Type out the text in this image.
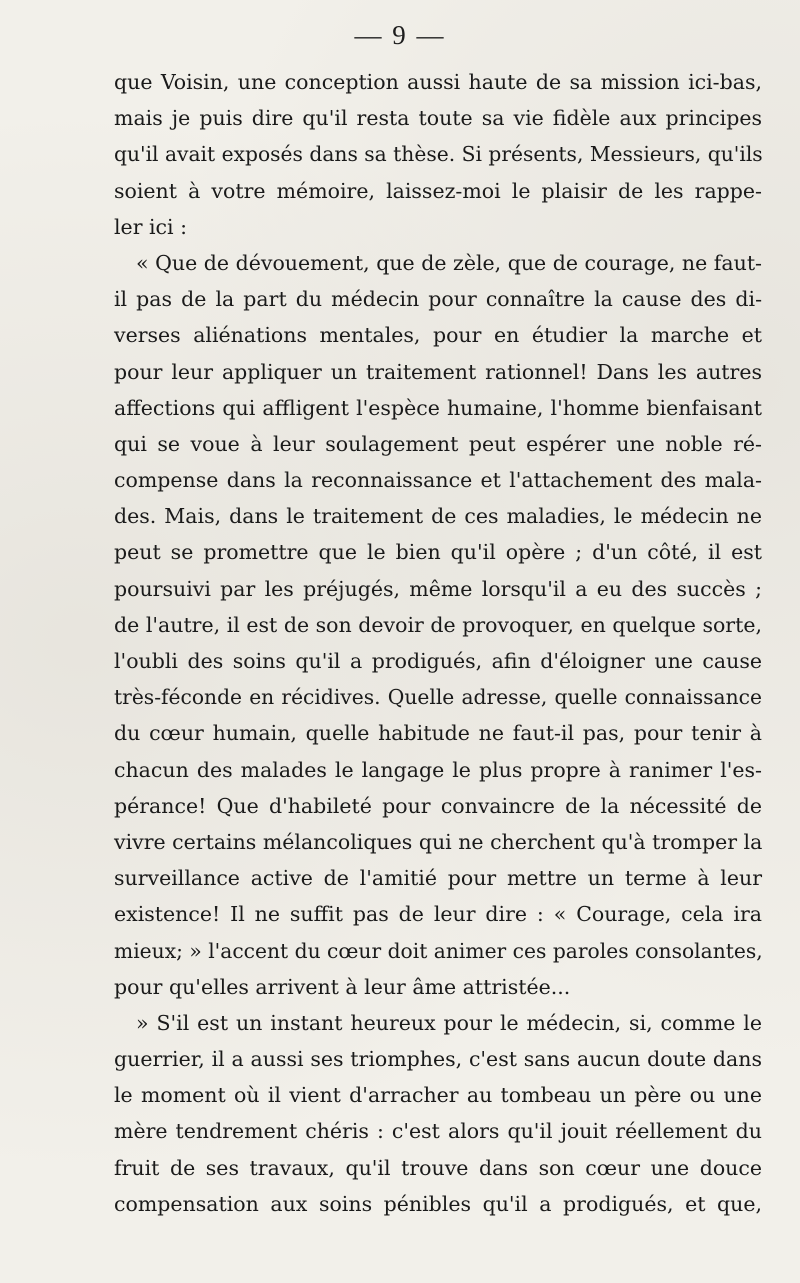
— 9 —
que Voisin, une conception aussi haute de sa mission ici-bas,
mais je puis dire qu'il resta toute sa vie fidèle aux principes
qu'il avait exposés dans sa thèse. Si présents, Messieurs, qu'ils
soient à votre mémoire, laissez-moi le plaisir de les rappe-
ler ici :
« Que de dévouement, que de zèle, que de courage, ne faut-
il pas de la part du médecin pour connaître la cause des di-
verses aliénations mentales, pour en étudier la marche et
pour leur appliquer un traitement rationnel! Dans les autres
affections qui affligent l'espèce humaine, l'homme bienfaisant
qui se voue à leur soulagement peut espérer une noble ré-
compense dans la reconnaissance et l'attachement des mala-
des. Mais, dans le traitement de ces maladies, le médecin ne
peut se promettre que le bien qu'il opère ; d'un côté, il est
poursuivi par les préjugés, même lorsqu'il a eu des succès ;
de l'autre, il est de son devoir de provoquer, en quelque sorte,
l'oubli des soins qu'il a prodigués, afin d'éloigner une cause
très-féconde en récidives. Quelle adresse, quelle connaissance
du cœur humain, quelle habitude ne faut-il pas, pour tenir à
chacun des malades le langage le plus propre à ranimer l'es-
pérance! Que d'habileté pour convaincre de la nécessité de
vivre certains mélancoliques qui ne cherchent qu'à tromper la
surveillance active de l'amitié pour mettre un terme à leur
existence! Il ne suffit pas de leur dire : « Courage, cela ira
mieux; » l'accent du cœur doit animer ces paroles consolantes,
pour qu'elles arrivent à leur âme attristée...
» S'il est un instant heureux pour le médecin, si, comme le
guerrier, il a aussi ses triomphes, c'est sans aucun doute dans
le moment où il vient d'arracher au tombeau un père ou une
mère tendrement chéris : c'est alors qu'il jouit réellement du
fruit de ses travaux, qu'il trouve dans son cœur une douce
compensation aux soins pénibles qu'il a prodigués, et que,
